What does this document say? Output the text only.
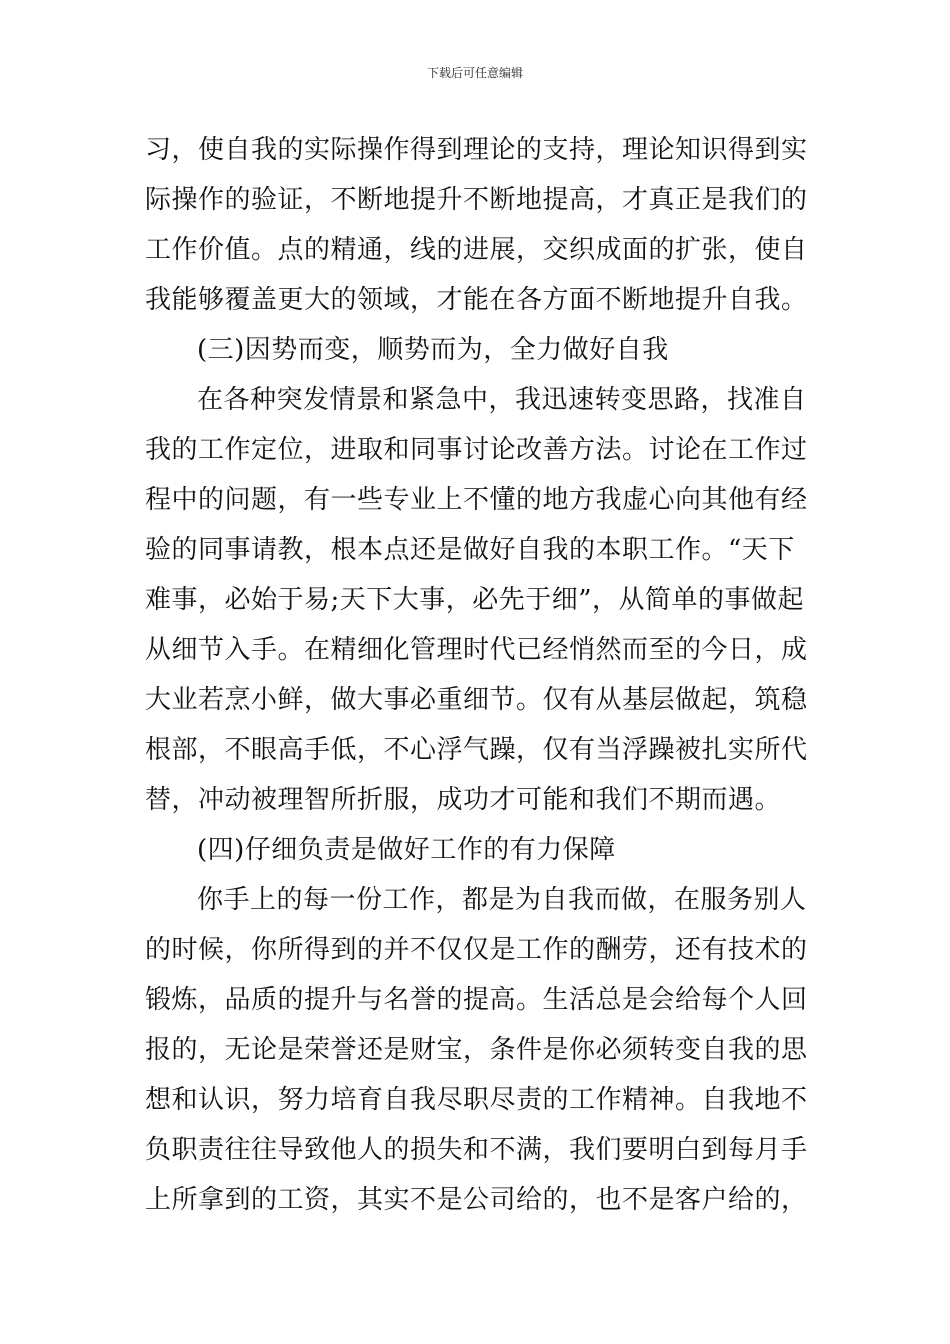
下载后可任意编辑
习，使自我的实际操作得到理论的支持，理论知识得到实
际操作的验证，不断地提升不断地提高，才真正是我们的
工作价值。点的精通，线的进展，交织成面的扩张，使自
我能够覆盖更大的领域，才能在各方面不断地提升自我。
(三)因势而变，顺势而为，全力做好自我
在各种突发情景和紧急中，我迅速转变思路，找准自
我的工作定位，进取和同事讨论改善方法。讨论在工作过
程中的问题，有一些专业上不懂的地方我虚心向其他有经
验的同事请教，根本点还是做好自我的本职工作。“天下
难事，必始于易;天下大事，必先于细”，从简单的事做起
从细节入手。在精细化管理时代已经悄然而至的今日，成
大业若烹小鲜，做大事必重细节。仅有从基层做起，筑稳
根部，不眼高手低，不心浮气躁，仅有当浮躁被扎实所代
替，冲动被理智所折服，成功才可能和我们不期而遇。
(四)仔细负责是做好工作的有力保障
你手上的每一份工作，都是为自我而做，在服务别人
的时候，你所得到的并不仅仅是工作的酬劳，还有技术的
锻炼，品质的提升与名誉的提高。生活总是会给每个人回
报的，无论是荣誉还是财宝，条件是你必须转变自我的思
想和认识，努力培育自我尽职尽责的工作精神。自我地不
负职责往往导致他人的损失和不满，我们要明白到每月手
上所拿到的工资，其实不是公司给的，也不是客户给的，
